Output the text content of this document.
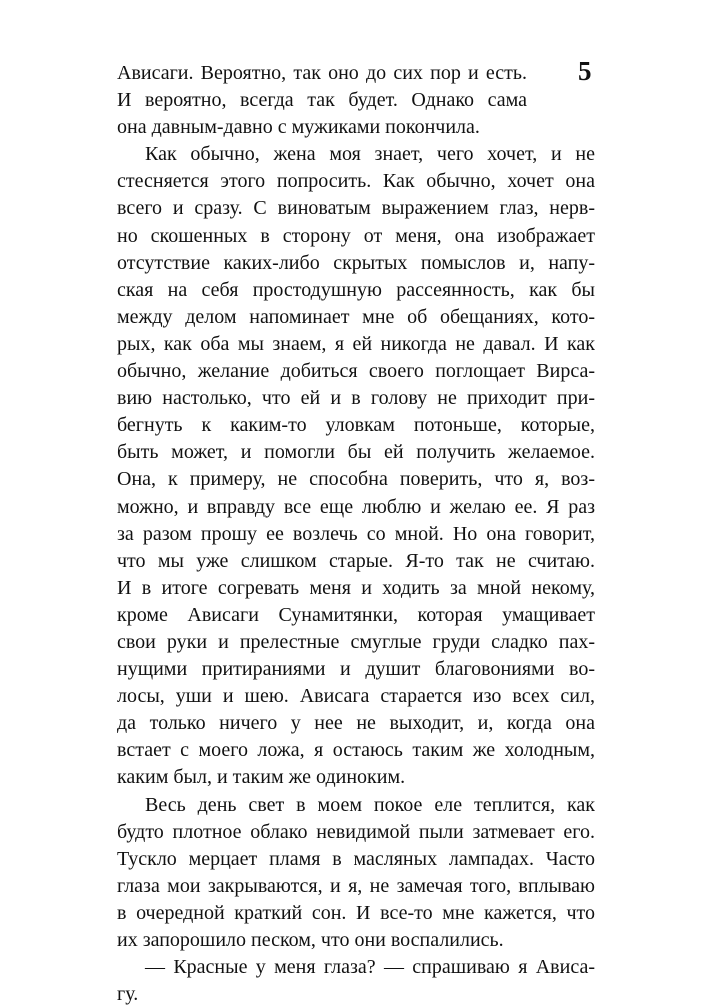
5
Ависаги. Вероятно, так оно до сих пор и есть.
И вероятно, всегда так будет. Однако сама
она давным-давно с мужиками покончила.
Как обычно, жена моя знает, чего хочет, и не
стесняется этого попросить. Как обычно, хочет она
всего и сразу. С виноватым выражением глаз, нерв-
но скошенных в сторону от меня, она изображает
отсутствие каких-либо скрытых помыслов и, напу-
ская на себя простодушную рассеянность, как бы
между делом напоминает мне об обещаниях, кото-
рых, как оба мы знаем, я ей никогда не давал. И как
обычно, желание добиться своего поглощает Вирса-
вию настолько, что ей и в голову не приходит при-
бегнуть к каким-то уловкам потоньше, которые,
быть может, и помогли бы ей получить желаемое.
Она, к примеру, не способна поверить, что я, воз-
можно, и вправду все еще люблю и желаю ее. Я раз
за разом прошу ее возлечь со мной. Но она говорит,
что мы уже слишком старые. Я-то так не считаю.
И в итоге согревать меня и ходить за мной некому,
кроме Ависаги Сунамитянки, которая умащивает
свои руки и прелестные смуглые груди сладко пах-
нущими притираниями и душит благовониями во-
лосы, уши и шею. Ависага старается изо всех сил,
да только ничего у нее не выходит, и, когда она
встает с моего ложа, я остаюсь таким же холодным,
каким был, и таким же одиноким.
Весь день свет в моем покое еле теплится, как
будто плотное облако невидимой пыли затмевает его.
Тускло мерцает пламя в масляных лампадах. Часто
глаза мои закрываются, и я, не замечая того, вплываю
в очередной краткий сон. И все-то мне кажется, что
их запорошило песком, что они воспалились.
— Красные у меня глаза? — спрашиваю я Ависа-
гу.
